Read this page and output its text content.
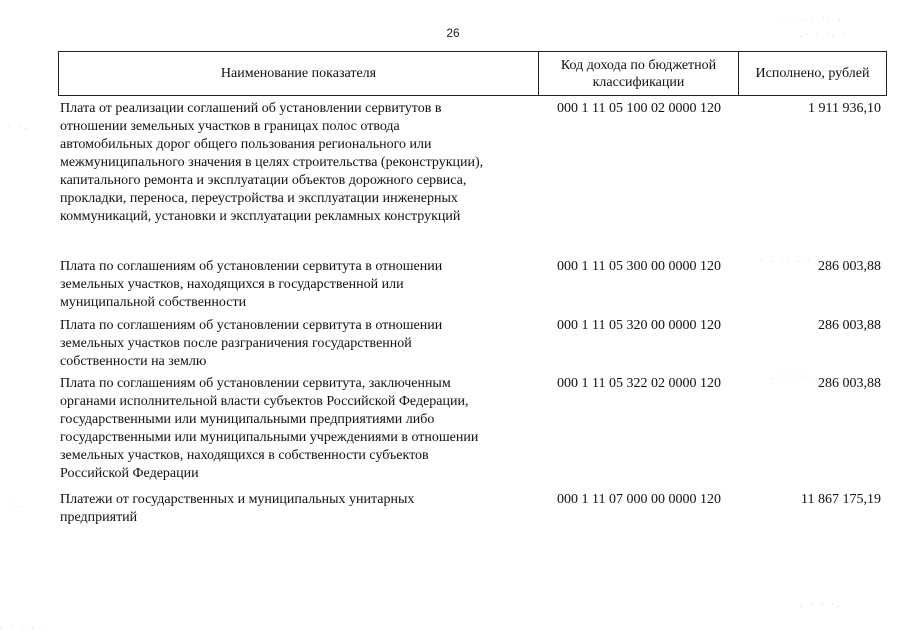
26
Наименование показателя
Код дохода по бюджетной классификации
Исполнено, рублей
Плата от реализации соглашений об установлении сервитутов в
отношении земельных участков в границах полос отвода
автомобильных дорог общего пользования регионального или
межмуниципального значения в целях строительства (реконструкции),
капитального ремонта и эксплуатации объектов дорожного сервиса,
прокладки, переноса, переустройства и эксплуатации инженерных
коммуникаций, установки и эксплуатации рекламных конструкций
000 1 11 05 100 02 0000 120	1 911 936,10
Плата по соглашениям об установлении сервитута в отношении
земельных участков, находящихся в государственной или
муниципальной собственности
000 1 11 05 300 00 0000 120	286 003,88
Плата по соглашениям об установлении сервитута в отношении
земельных участков после разграничения государственной
собственности на землю
000 1 11 05 320 00 0000 120	286 003,88
Плата по соглашениям об установлении сервитута, заключенным
органами исполнительной власти субъектов Российской Федерации,
государственными или муниципальными предприятиями либо
государственными или муниципальными учреждениями в отношении
земельных участков, находящихся в собственности субъектов
Российской Федерации
000 1 11 05 322 02 0000 120	286 003,88
Платежи от государственных и муниципальных унитарных
предприятий
000 1 11 07 000 00 0000 120	11 867 175,19
· · . · ·· .
.· · ·. ·
· ·.
· . ·· . ·
. · · ·.
· .
. · · ·.
. · · . ·
